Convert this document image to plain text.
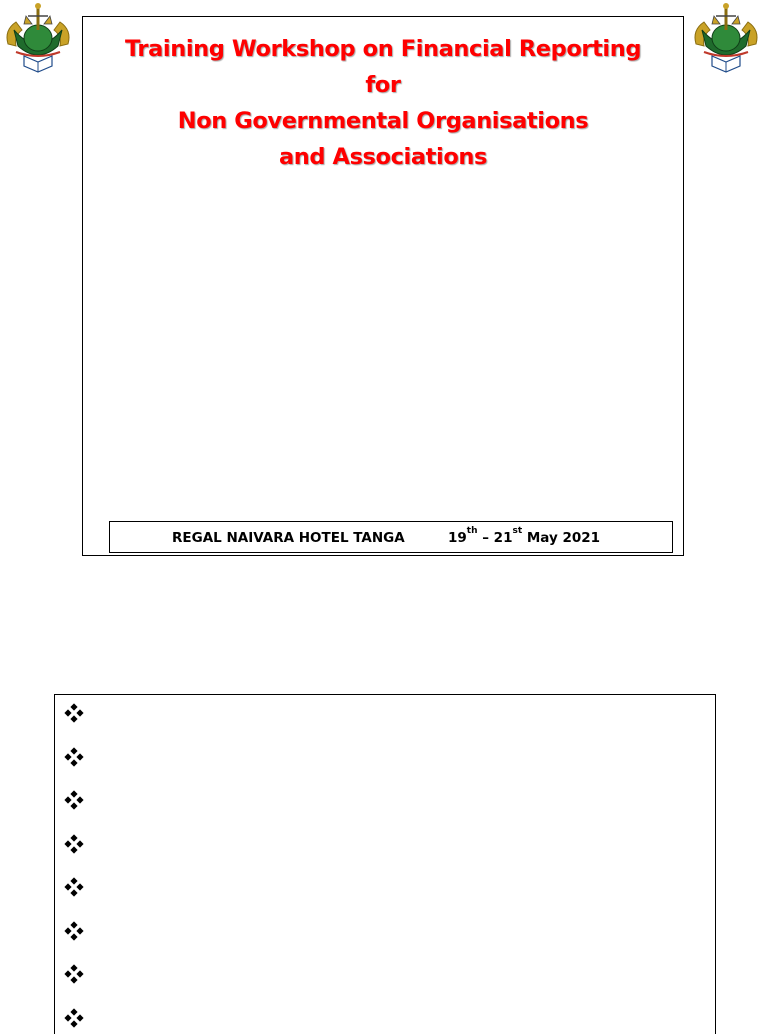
Training Workshop on Financial Reporting
for
Non Governmental Organisations
and Associations
REGAL NAIVARA HOTEL TANGA	19th – 21st May 2021
